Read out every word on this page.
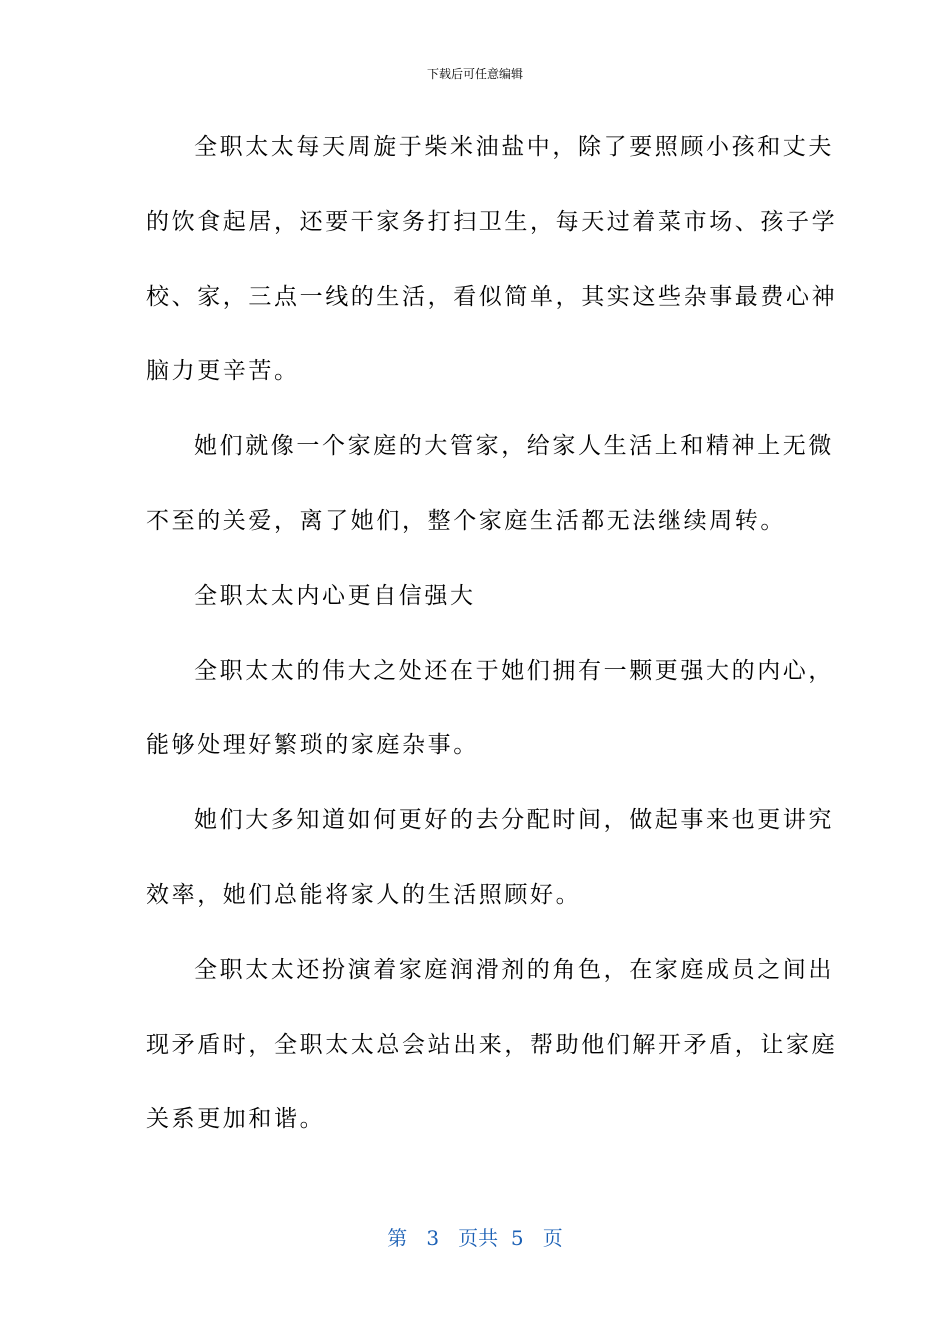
下载后可任意编辑
全职太太每天周旋于柴米油盐中，除了要照顾小孩和丈夫
的饮食起居，还要干家务打扫卫生，每天过着菜市场、孩子学
校、家，三点一线的生活，看似简单，其实这些杂事最费心神
脑力更辛苦。
她们就像一个家庭的大管家，给家人生活上和精神上无微
不至的关爱，离了她们，整个家庭生活都无法继续周转。
全职太太内心更自信强大
全职太太的伟大之处还在于她们拥有一颗更强大的内心，
能够处理好繁琐的家庭杂事。
她们大多知道如何更好的去分配时间，做起事来也更讲究
效率，她们总能将家人的生活照顾好。
全职太太还扮演着家庭润滑剂的角色，在家庭成员之间出
现矛盾时，全职太太总会站出来，帮助他们解开矛盾，让家庭
关系更加和谐。
第 3 页共 5 页
